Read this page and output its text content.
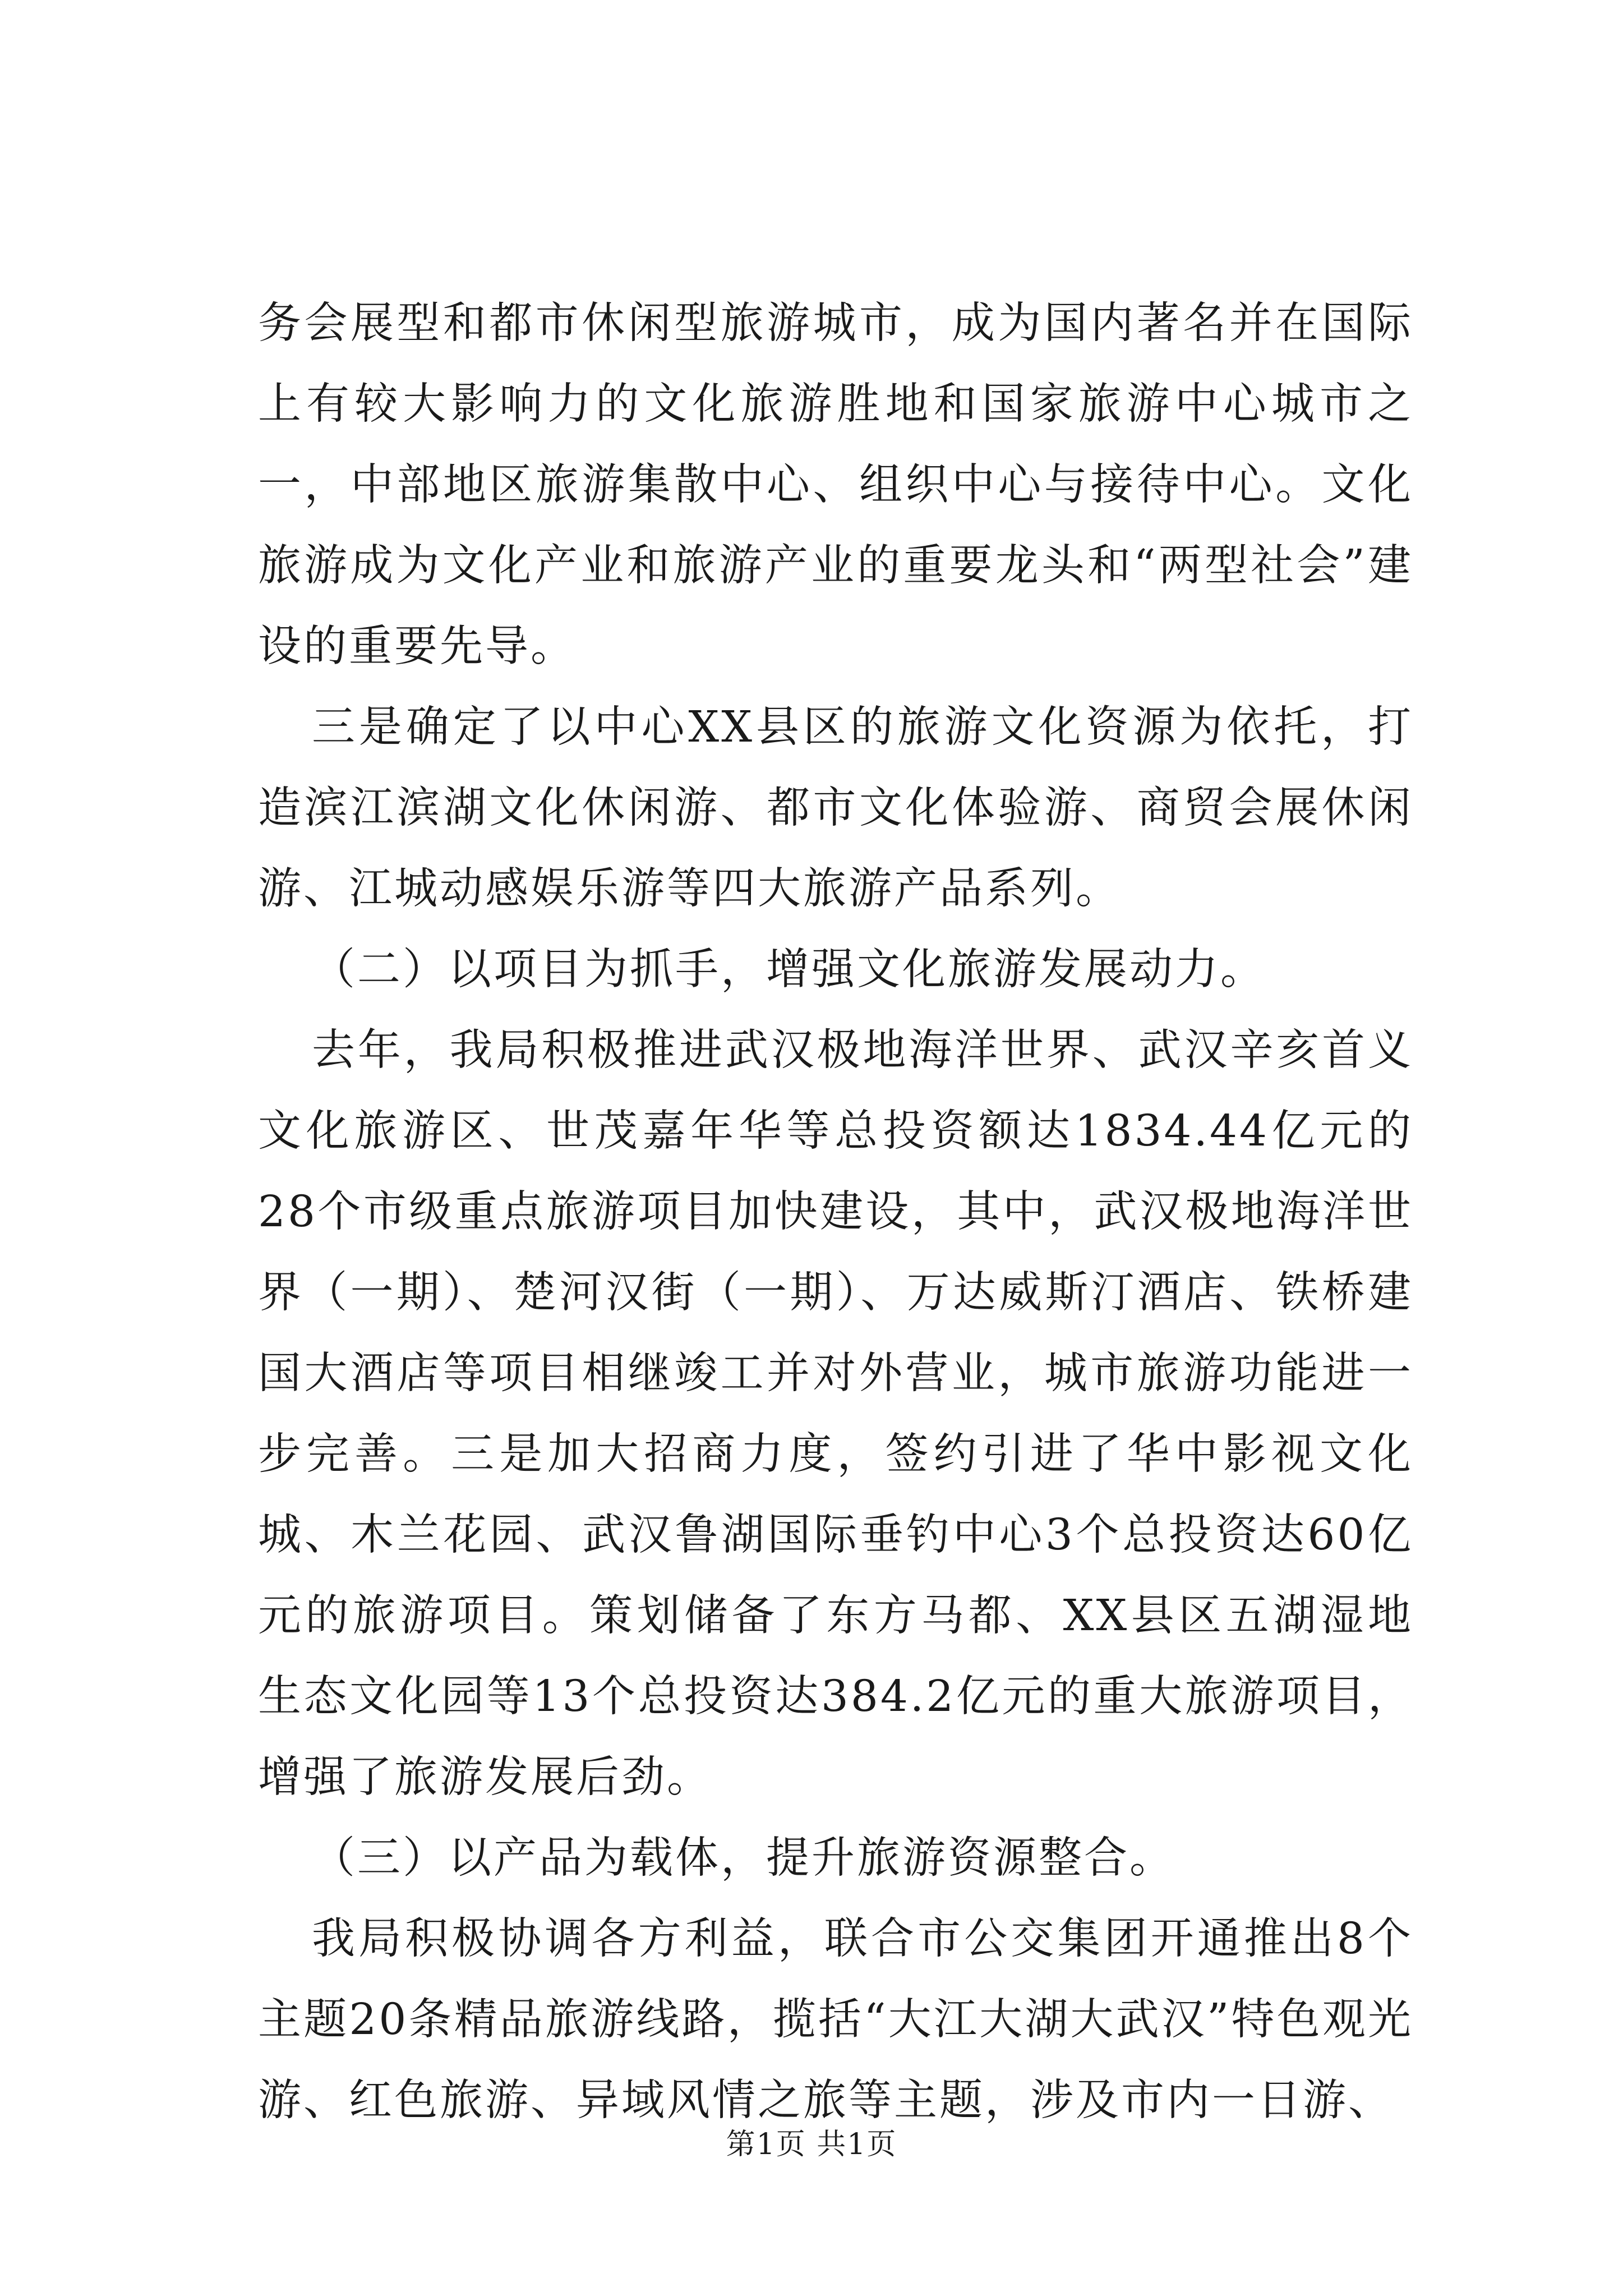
务会展型和都市休闲型旅游城市，成为国内著名并在国际上有较大影响力的文化旅游胜地和国家旅游中心城市之一，中部地区旅游集散中心、组织中心与接待中心。文化旅游成为文化产业和旅游产业的重要龙头和“两型社会”建设的重要先导。

三是确定了以中心XX县区的旅游文化资源为依托，打造滨江滨湖文化休闲游、都市文化体验游、商贸会展休闲游、江城动感娱乐游等四大旅游产品系列。

（二）以项目为抓手，增强文化旅游发展动力。

去年，我局积极推进武汉极地海洋世界、武汉辛亥首义文化旅游区、世茂嘉年华等总投资额达1834.44亿元的28个市级重点旅游项目加快建设，其中，武汉极地海洋世界（一期）、楚河汉街（一期）、万达威斯汀酒店、铁桥建国大酒店等项目相继竣工并对外营业，城市旅游功能进一步完善。三是加大招商力度，签约引进了华中影视文化城、木兰花园、武汉鲁湖国际垂钓中心3个总投资达60亿元的旅游项目。策划储备了东方马都、XX县区五湖湿地生态文化园等13个总投资达384.2亿元的重大旅游项目，增强了旅游发展后劲。

（三）以产品为载体，提升旅游资源整合。

我局积极协调各方利益，联合市公交集团开通推出8个主题20条精品旅游线路，揽括“大江大湖大武汉”特色观光游、红色旅游、异域风情之旅等主题，涉及市内一日游、

第1页 共1页
